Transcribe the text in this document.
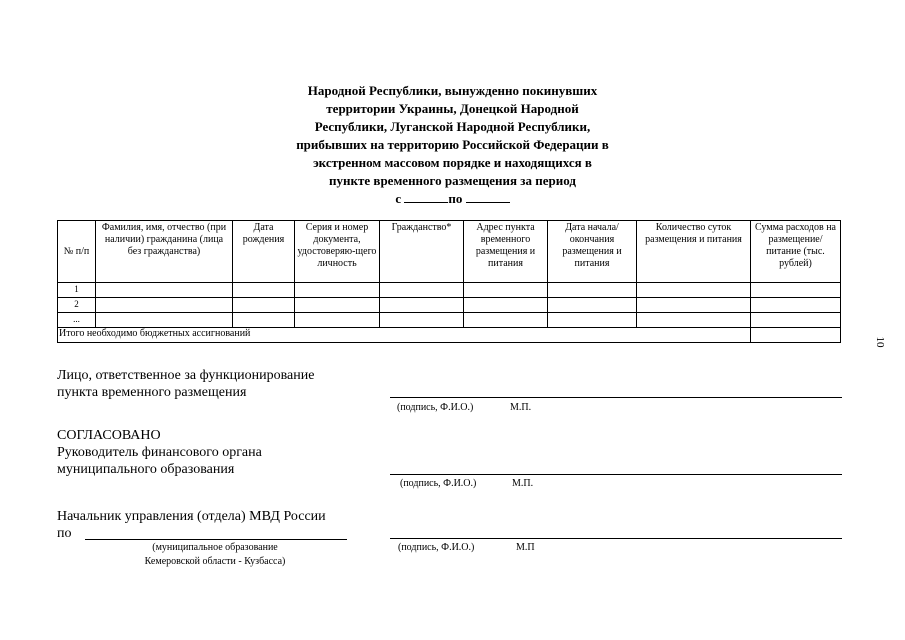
Народной Республики, вынужденно покинувших
территории Украины, Донецкой Народной
Республики, Луганской Народной Республики,
прибывших на территорию Российской Федерации в
экстренном массовом порядке и находящихся в
пункте временного размещения за период
с	по
№ п/п	Фамилия, имя, отчество (при наличии) гражданина (лица без гражданства)	Дата рождения	Серия и номер документа, удостоверяю-щего личность	Гражданство*	Адрес пункта временного размещения и питания	Дата начала/ окончания размещения и питания	Количество суток размещения и питания	Сумма расходов на размещение/ питание (тыс. рублей)
1								
2								
...								
Итого необходимо бюджетных ассигнований								
10
Лицо, ответственное за функционирование
пункта временного размещения
(подпись, Ф.И.О.)	М.П.
СОГЛАСОВАНО
Руководитель финансового органа
муниципального образования
(подпись, Ф.И.О.)	М.П.
Начальник управления (отдела) МВД России
по
(муниципальное образование
Кемеровской области - Кузбасса)
(подпись, Ф.И.О.)	М.П
